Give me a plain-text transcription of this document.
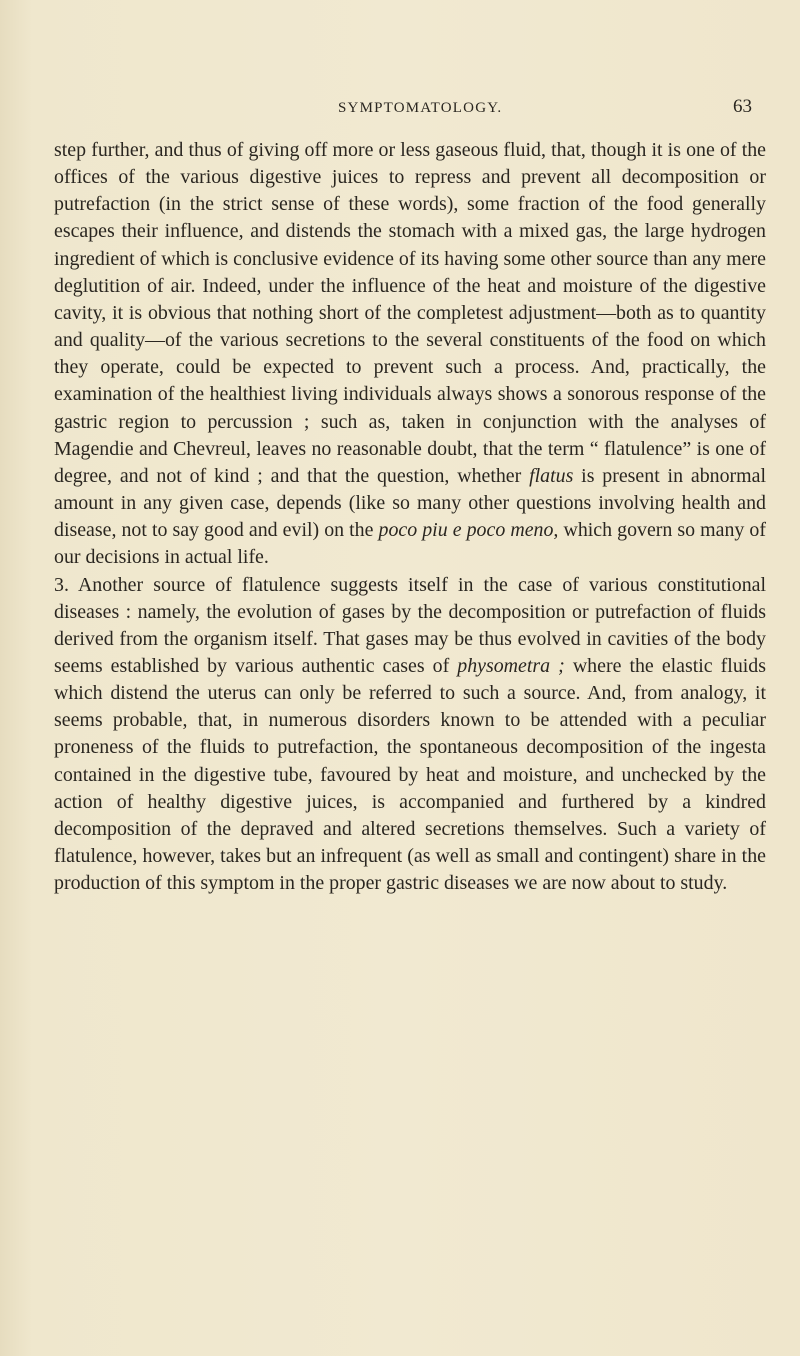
SYMPTOMATOLOGY.	63

step further, and thus of giving off more or less gaseous fluid, that, though it is one of the offices of the various digestive juices to repress and prevent all decomposition or putrefaction (in the strict sense of these words), some fraction of the food generally escapes their influence, and distends the stomach with a mixed gas, the large hydrogen ingredient of which is conclusive evidence of its having some other source than any mere deglutition of air. Indeed, under the influence of the heat and moisture of the digestive cavity, it is obvious that nothing short of the completest adjustment—both as to quantity and quality—of the various secretions to the several constituents of the food on which they operate, could be expected to prevent such a process. And, practically, the examination of the healthiest living individuals always shows a sonorous response of the gastric region to percussion ; such as, taken in conjunction with the analyses of Magendie and Chevreul, leaves no reasonable doubt, that the term “ flatulence” is one of degree, and not of kind ; and that the question, whether flatus is present in abnormal amount in any given case, depends (like so many other questions involving health and disease, not to say good and evil) on the poco piu e poco meno, which govern so many of our decisions in actual life.

3. Another source of flatulence suggests itself in the case of various constitutional diseases : namely, the evolution of gases by the decomposition or putrefaction of fluids derived from the organism itself. That gases may be thus evolved in cavities of the body seems established by various authentic cases of physometra ; where the elastic fluids which distend the uterus can only be referred to such a source. And, from analogy, it seems probable, that, in numerous disorders known to be attended with a peculiar proneness of the fluids to putrefaction, the spontaneous decomposition of the ingesta contained in the digestive tube, favoured by heat and moisture, and unchecked by the action of healthy digestive juices, is accompanied and furthered by a kindred decomposition of the depraved and altered secretions themselves. Such a variety of flatulence, however, takes but an infrequent (as well as small and contingent) share in the production of this symptom in the proper gastric diseases we are now about to study.
